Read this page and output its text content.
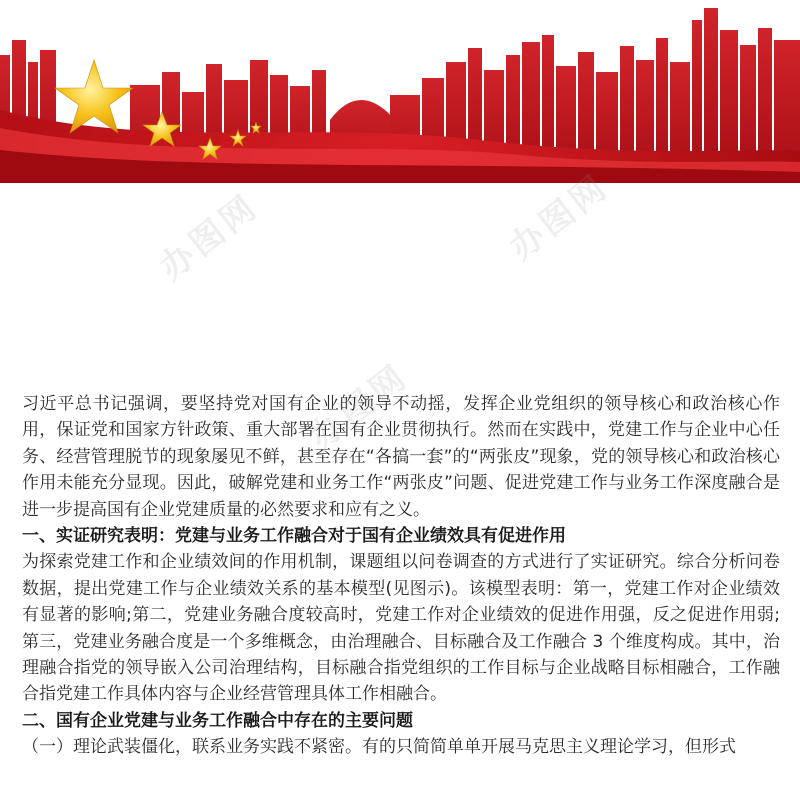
办图网	办图网
办图网

习近平总书记强调，要坚持党对国有企业的领导不动摇，发挥企业党组织的领导核心和政治核心作用，保证党和国家方针政策、重大部署在国有企业贯彻执行。然而在实践中，党建工作与企业中心任务、经营管理脱节的现象屡见不鲜，甚至存在“各搞一套”的“两张皮”现象，党的领导核心和政治核心作用未能充分显现。因此，破解党建和业务工作“两张皮”问题、促进党建工作与业务工作深度融合是进一步提高国有企业党建质量的必然要求和应有之义。

一、实证研究表明：党建与业务工作融合对于国有企业绩效具有促进作用

为探索党建工作和企业绩效间的作用机制，课题组以问卷调查的方式进行了实证研究。综合分析问卷数据，提出党建工作与企业绩效关系的基本模型(见图示)。该模型表明：第一，党建工作对企业绩效有显著的影响;第二，党建业务融合度较高时，党建工作对企业绩效的促进作用强，反之促进作用弱;第三，党建业务融合度是一个多维概念，由治理融合、目标融合及工作融合 3 个维度构成。其中，治理融合指党的领导嵌入公司治理结构，目标融合指党组织的工作目标与企业战略目标相融合，工作融合指党建工作具体内容与企业经营管理具体工作相融合。

二、国有企业党建与业务工作融合中存在的主要问题

（一）理论武装僵化，联系业务实践不紧密。有的只简简单单开展马克思主义理论学习，但形式
